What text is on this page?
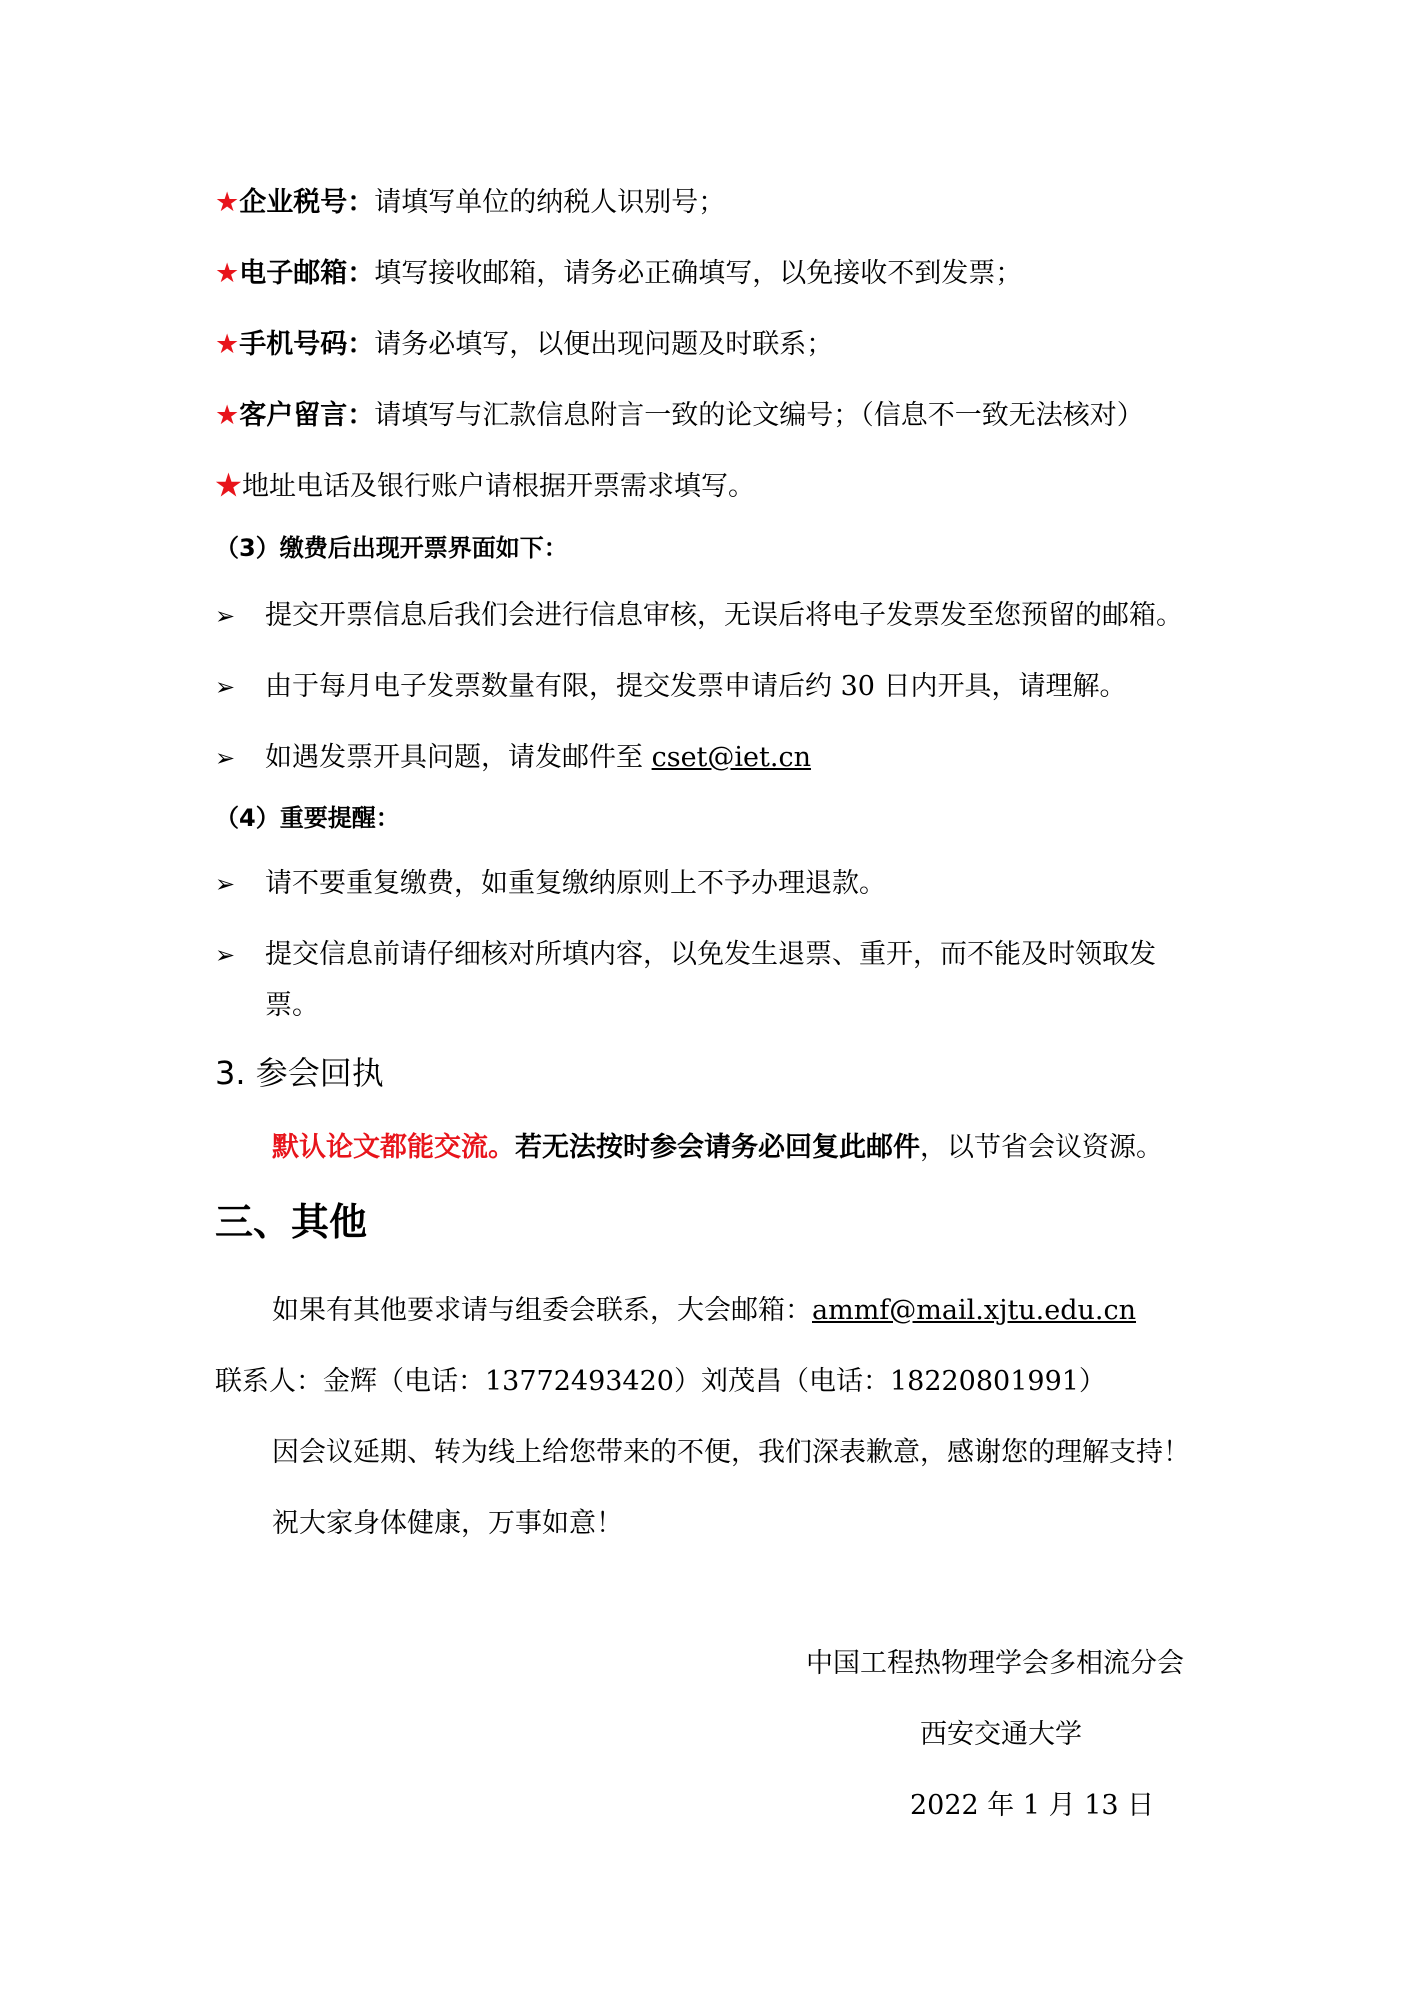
★企业税号：请填写单位的纳税人识别号；
★电子邮箱：填写接收邮箱，请务必正确填写，以免接收不到发票；
★手机号码：请务必填写，以便出现问题及时联系；
★客户留言：请填写与汇款信息附言一致的论文编号；（信息不一致无法核对）
★地址电话及银行账户请根据开票需求填写。
（3）缴费后出现开票界面如下：
➢ 提交开票信息后我们会进行信息审核，无误后将电子发票发至您预留的邮箱。
➢ 由于每月电子发票数量有限，提交发票申请后约 30 日内开具，请理解。
➢ 如遇发票开具问题，请发邮件至 cset@iet.cn
（4）重要提醒：
➢ 请不要重复缴费，如重复缴纳原则上不予办理退款。
➢ 提交信息前请仔细核对所填内容，以免发生退票、重开，而不能及时领取发
票。
3. 参会回执
默认论文都能交流。若无法按时参会请务必回复此邮件，以节省会议资源。
三、其他
如果有其他要求请与组委会联系，大会邮箱：ammf@mail.xjtu.edu.cn
联系人：金辉（电话：13772493420）刘茂昌（电话：18220801991）
因会议延期、转为线上给您带来的不便，我们深表歉意，感谢您的理解支持！
祝大家身体健康，万事如意！
中国工程热物理学会多相流分会
西安交通大学
2022 年 1 月 13 日
